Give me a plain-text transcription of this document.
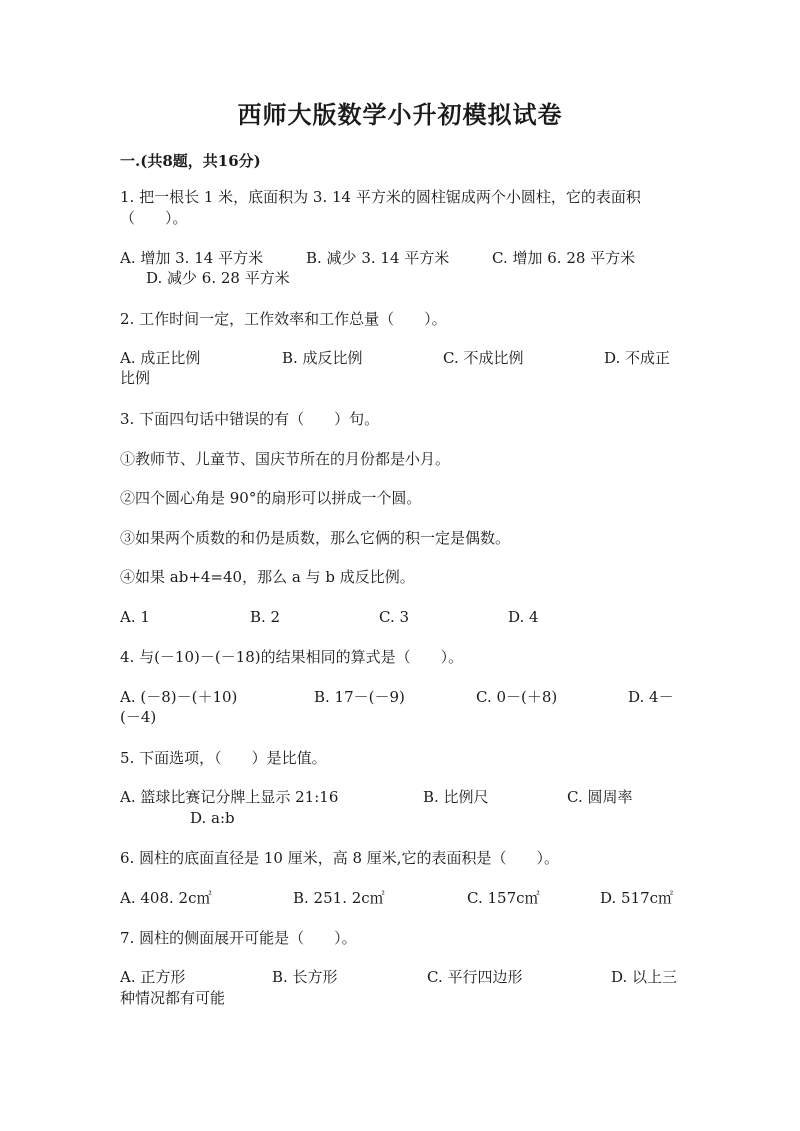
西师大版数学小升初模拟试卷
一.(共8题，共16分)
1. 把一根长 1 米，底面积为 3. 14 平方米的圆柱锯成两个小圆柱，它的表面积
（　　）。
A. 增加 3. 14 平方米	B. 减少 3. 14 平方米	C. 增加 6. 28 平方米
D. 减少 6. 28 平方米
2. 工作时间一定，工作效率和工作总量（　　）。
A. 成正比例	B. 成反比例	C. 不成比例	D. 不成正
比例
3. 下面四句话中错误的有（　　）句。
①教师节、儿童节、国庆节所在的月份都是小月。
②四个圆心角是 90°的扇形可以拼成一个圆。
③如果两个质数的和仍是质数，那么它俩的积一定是偶数。
④如果 ab+4=40，那么 a 与 b 成反比例。
A. 1	B. 2	C. 3	D. 4
4. 与(－10)－(－18)的结果相同的算式是（　　）。
A. (－8)－(＋10)	B. 17－(－9)	C. 0－(＋8)	D. 4－
(－4)
5. 下面选项，（　　）是比值。
A. 篮球比赛记分牌上显示 21:16	B. 比例尺	C. 圆周率
D. a:b
6. 圆柱的底面直径是 10 厘米，高 8 厘米,它的表面积是（　　）。
A. 408. 2c㎡	B. 251. 2c㎡	C. 157c㎡	D. 517c㎡
7. 圆柱的侧面展开可能是（　　）。
A. 正方形	B. 长方形	C. 平行四边形	D. 以上三
种情况都有可能
